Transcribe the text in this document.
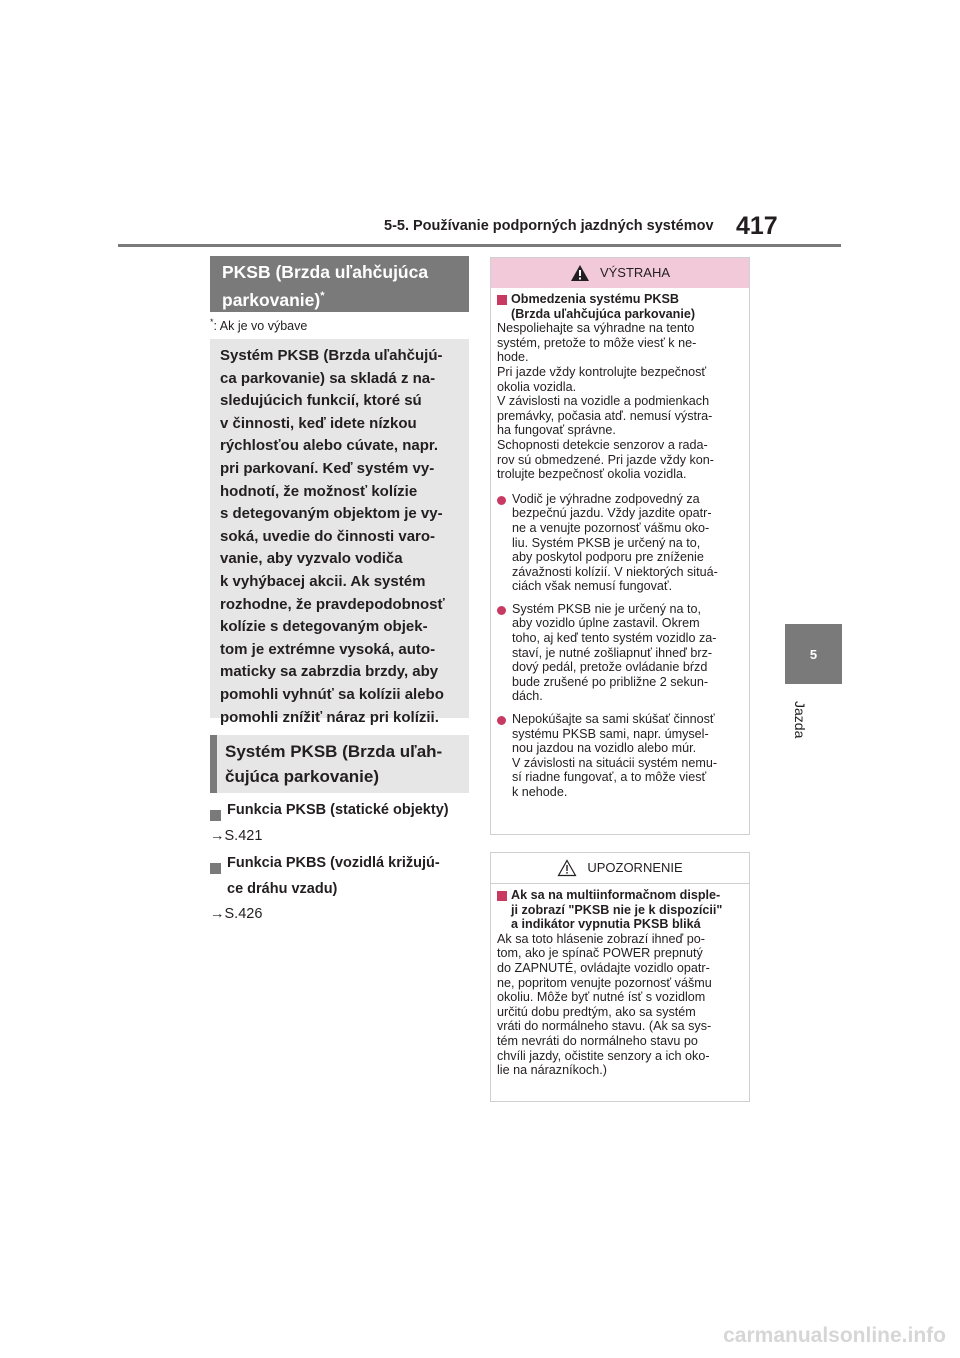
5-5. Používanie podporných jazdných systémov 417
5
Jazda
PKSB (Brzda uľahčujúca parkovanie)*
*: Ak je vo výbave
Systém PKSB (Brzda uľahčujú-
ca parkovanie) sa skladá z na-
sledujúcich funkcií, ktoré sú
v činnosti, keď idete nízkou
rýchlosťou alebo cúvate, napr.
pri parkovaní. Keď systém vy-
hodnotí, že možnosť kolízie
s detegovaným objektom je vy-
soká, uvedie do činnosti varo-
vanie, aby vyzvalo vodiča
k vyhýbacej akcii. Ak systém
rozhodne, že pravdepodobnosť
kolízie s detegovaným objek-
tom je extrémne vysoká, auto-
maticky sa zabrzdia brzdy, aby
pomohli vyhnúť sa kolízii alebo
pomohli znížiť náraz pri kolízii.
Systém PKSB (Brzda uľah-
čujúca parkovanie)
Funkcia PKSB (statické objekty)
→S.421
Funkcia PKBS (vozidlá križujú-
ce dráhu vzadu)
→S.426
VÝSTRAHA
Obmedzenia systému PKSB
(Brzda uľahčujúca parkovanie)
Nespoliehajte sa výhradne na tento
systém, pretože to môže viesť k ne-
hode.
Pri jazde vždy kontrolujte bezpečnosť
okolia vozidla.
V závislosti na vozidle a podmienkach
premávky, počasia atď. nemusí výstra-
ha fungovať správne.
Schopnosti detekcie senzorov a rada-
rov sú obmedzené. Pri jazde vždy kon-
trolujte bezpečnosť okolia vozidla.
Vodič je výhradne zodpovedný za
bezpečnú jazdu. Vždy jazdite opatr-
ne a venujte pozornosť vášmu oko-
liu. Systém PKSB je určený na to,
aby poskytol podporu pre zníženie
závažnosti kolízií. V niektorých situá-
ciách však nemusí fungovať.
Systém PKSB nie je určený na to,
aby vozidlo úplne zastavil. Okrem
toho, aj keď tento systém vozidlo za-
staví, je nutné zošliapnuť ihneď brz-
dový pedál, pretože ovládanie bŕzd
bude zrušené po približne 2 sekun-
dách.
Nepokúšajte sa sami skúšať činnosť
systému PKSB sami, napr. úmysel-
nou jazdou na vozidlo alebo múr.
V závislosti na situácii systém nemu-
sí riadne fungovať, a to môže viesť
k nehode.
UPOZORNENIE
Ak sa na multiinformačnom disple-
ji zobrazí "PKSB nie je k dispozícii"
a indikátor vypnutia PKSB bliká
Ak sa toto hlásenie zobrazí ihneď po-
tom, ako je spínač POWER prepnutý
do ZAPNUTÉ, ovládajte vozidlo opatr-
ne, popritom venujte pozornosť vášmu
okoliu. Môže byť nutné ísť s vozidlom
určitú dobu predtým, ako sa systém
vráti do normálneho stavu. (Ak sa sys-
tém nevráti do normálneho stavu po
chvíli jazdy, očistite senzory a ich oko-
lie na nárazníkoch.)
carmanualsonline.info
